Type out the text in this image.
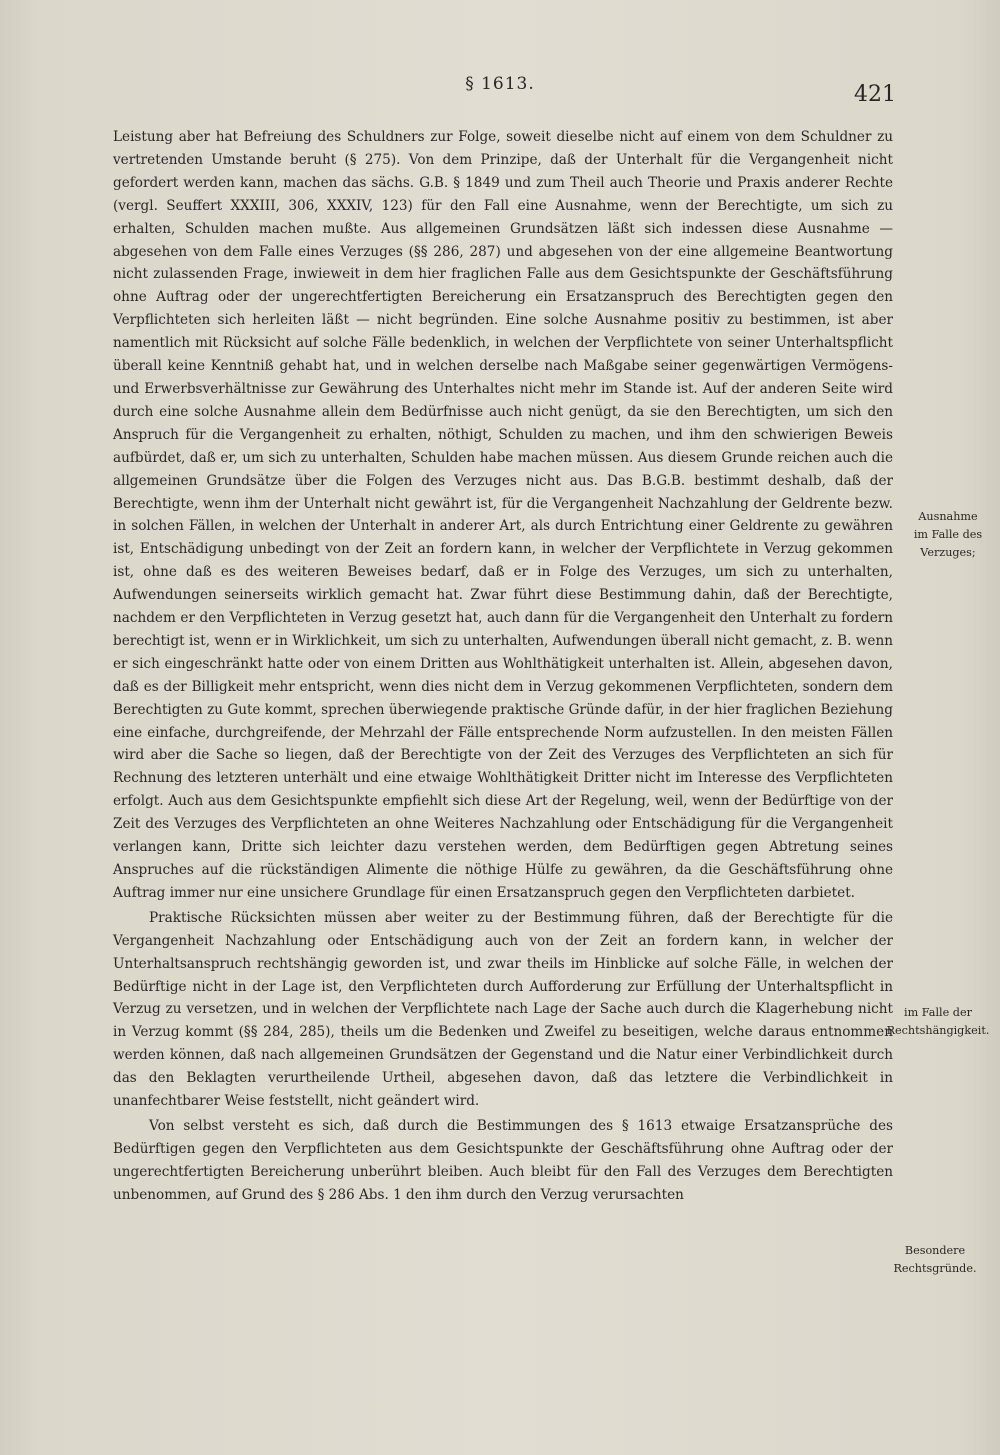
§ 1613.	421

Leistung aber hat Befreiung des Schuldners zur Folge, soweit dieselbe nicht auf einem von dem Schuldner zu vertretenden Umstande beruht (§ 275). Von dem Prinzipe, daß der Unterhalt für die Vergangenheit nicht gefordert werden kann, machen das sächs. G.B. § 1849 und zum Theil auch Theorie und Praxis anderer Rechte (vergl. Seuffert XXXIII, 306, XXXIV, 123) für den Fall eine Ausnahme, wenn der Berechtigte, um sich zu erhalten, Schulden machen mußte. Aus allgemeinen Grundsätzen läßt sich indessen diese Ausnahme — abgesehen von dem Falle eines Verzuges (§§ 286, 287) und abgesehen von der eine allgemeine Beantwortung nicht zulassenden Frage, inwieweit in dem hier fraglichen Falle aus dem Gesichtspunkte der Geschäftsführung ohne Auftrag oder der ungerechtfertigten Bereicherung ein Ersatzanspruch des Berechtigten gegen den Verpflichteten sich herleiten läßt — nicht begründen. Eine solche Ausnahme positiv zu bestimmen, ist aber namentlich mit Rücksicht auf solche Fälle bedenklich, in welchen der Verpflichtete von seiner Unterhaltspflicht überall keine Kenntniß gehabt hat, und in welchen derselbe nach Maßgabe seiner gegenwärtigen Vermögens- und Erwerbsverhältnisse zur Gewährung des Unterhaltes nicht mehr im Stande ist. Auf der anderen Seite wird durch eine solche Ausnahme allein dem Bedürfnisse auch nicht genügt, da sie den Berechtigten, um sich den Anspruch für die Vergangenheit zu erhalten, nöthigt, Schulden zu machen, und ihm den schwierigen Beweis aufbürdet, daß er, um sich zu unterhalten, Schulden habe machen müssen. Aus diesem Grunde reichen auch die allgemeinen Grundsätze über die Folgen des Verzuges nicht aus. Das B.G.B. bestimmt deshalb, daß der Berechtigte, wenn ihm der Unterhalt nicht gewährt ist, für die Vergangenheit Nachzahlung der Geldrente bezw. in solchen Fällen, in welchen der Unterhalt in anderer Art, als durch Entrichtung einer Geldrente zu gewähren ist, Entschädigung unbedingt von der Zeit an fordern kann, in welcher der Verpflichtete in Verzug gekommen ist, ohne daß es des weiteren Beweises bedarf, daß er in Folge des Verzuges, um sich zu unterhalten, Aufwendungen seinerseits wirklich gemacht hat. Zwar führt diese Bestimmung dahin, daß der Berechtigte, nachdem er den Verpflichteten in Verzug gesetzt hat, auch dann für die Vergangenheit den Unterhalt zu fordern berechtigt ist, wenn er in Wirklichkeit, um sich zu unterhalten, Aufwendungen überall nicht gemacht, z. B. wenn er sich eingeschränkt hatte oder von einem Dritten aus Wohlthätigkeit unterhalten ist. Allein, abgesehen davon, daß es der Billigkeit mehr entspricht, wenn dies nicht dem in Verzug gekommenen Verpflichteten, sondern dem Berechtigten zu Gute kommt, sprechen überwiegende praktische Gründe dafür, in der hier fraglichen Beziehung eine einfache, durchgreifende, der Mehrzahl der Fälle entsprechende Norm aufzustellen. In den meisten Fällen wird aber die Sache so liegen, daß der Berechtigte von der Zeit des Verzuges des Verpflichteten an sich für Rechnung des letzteren unterhält und eine etwaige Wohlthätigkeit Dritter nicht im Interesse des Verpflichteten erfolgt. Auch aus dem Gesichtspunkte empfiehlt sich diese Art der Regelung, weil, wenn der Bedürftige von der Zeit des Verzuges des Verpflichteten an ohne Weiteres Nachzahlung oder Entschädigung für die Vergangenheit verlangen kann, Dritte sich leichter dazu verstehen werden, dem Bedürftigen gegen Abtretung seines Anspruches auf die rückständigen Alimente die nöthige Hülfe zu gewähren, da die Geschäftsführung ohne Auftrag immer nur eine unsichere Grundlage für einen Ersatzanspruch gegen den Verpflichteten darbietet.

Praktische Rücksichten müssen aber weiter zu der Bestimmung führen, daß der Berechtigte für die Vergangenheit Nachzahlung oder Entschädigung auch von der Zeit an fordern kann, in welcher der Unterhaltsanspruch rechtshängig geworden ist, und zwar theils im Hinblicke auf solche Fälle, in welchen der Bedürftige nicht in der Lage ist, den Verpflichteten durch Aufforderung zur Erfüllung der Unterhaltspflicht in Verzug zu versetzen, und in welchen der Verpflichtete nach Lage der Sache auch durch die Klagerhebung nicht in Verzug kommt (§§ 284, 285), theils um die Bedenken und Zweifel zu beseitigen, welche daraus entnommen werden können, daß nach allgemeinen Grundsätzen der Gegenstand und die Natur einer Verbindlichkeit durch das den Beklagten verurtheilende Urtheil, abgesehen davon, daß das letztere die Verbindlichkeit in unanfechtbarer Weise feststellt, nicht geändert wird.

Von selbst versteht es sich, daß durch die Bestimmungen des § 1613 etwaige Ersatzansprüche des Bedürftigen gegen den Verpflichteten aus dem Gesichtspunkte der Geschäftsführung ohne Auftrag oder der ungerechtfertigten Bereicherung unberührt bleiben. Auch bleibt für den Fall des Verzuges dem Berechtigten unbenommen, auf Grund des § 286 Abs. 1 den ihm durch den Verzug verursachten

Ausnahme
im Falle des
Verzuges;
im Falle der
Rechtshängigkeit.
Besondere
Rechtsgründe.
